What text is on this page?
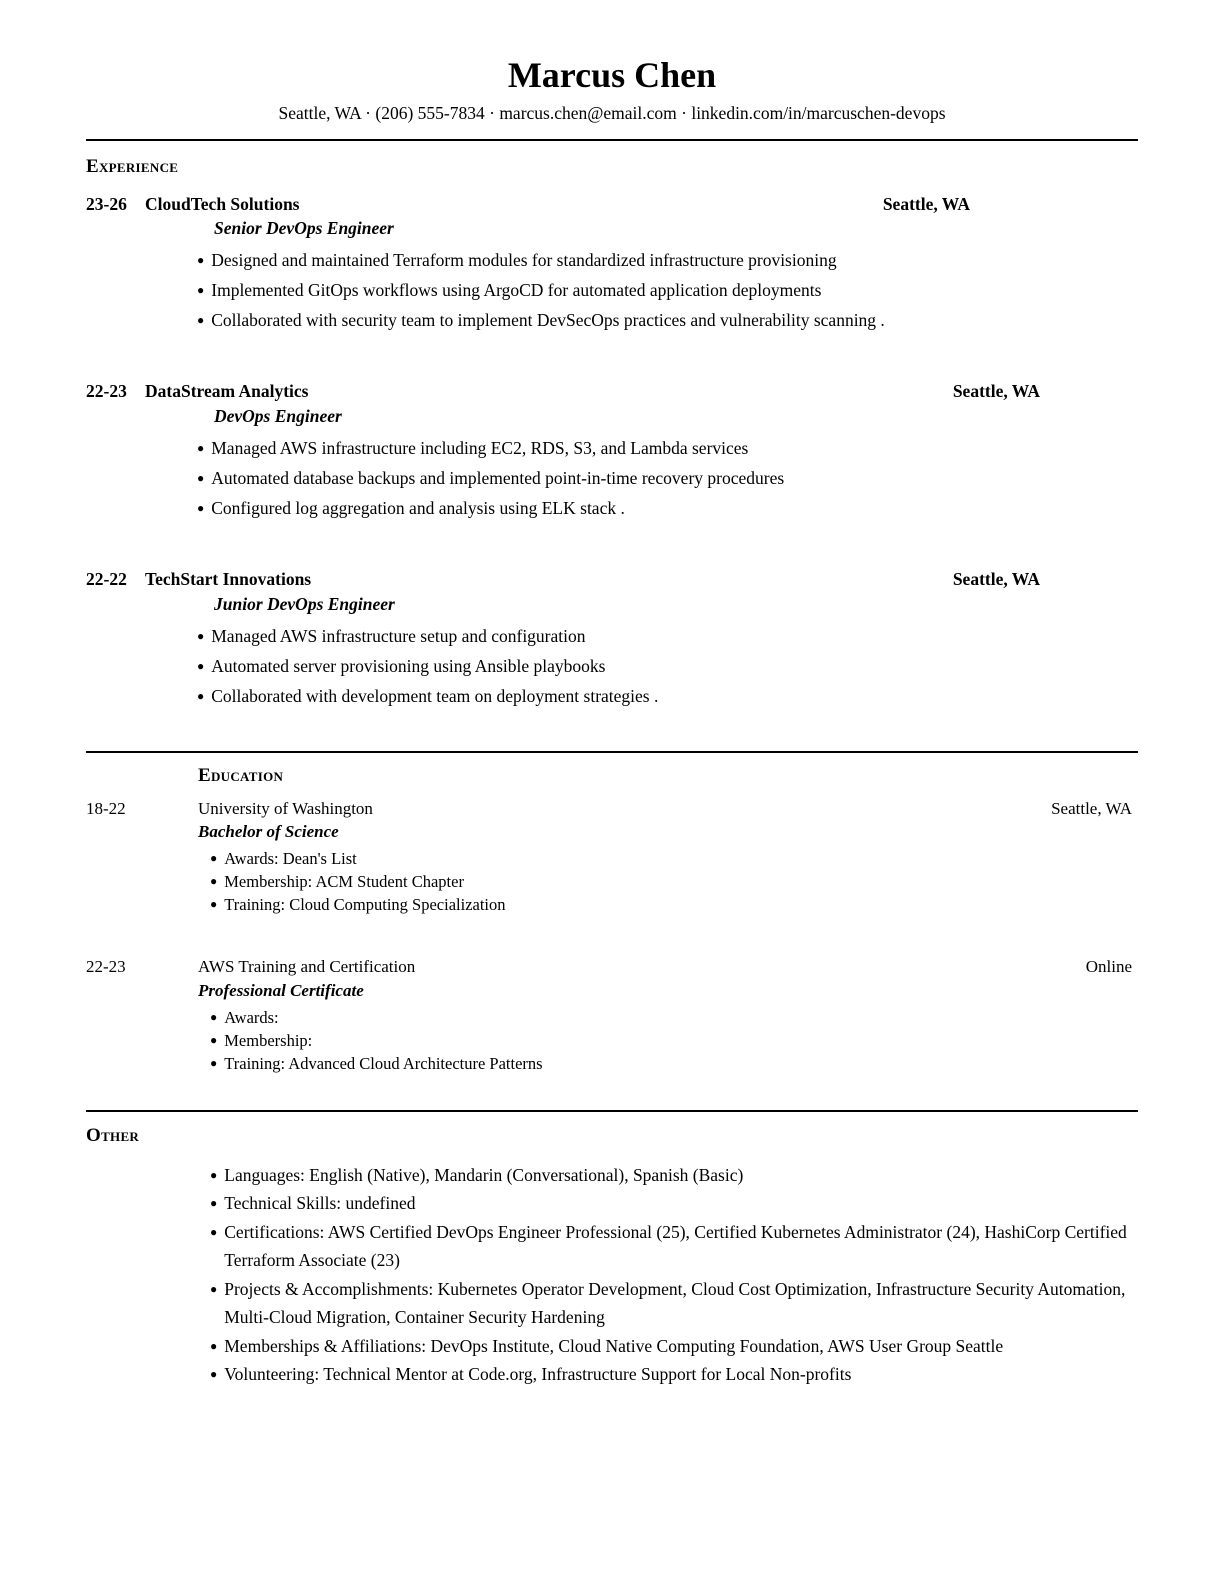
Marcus Chen
Seattle, WA · (206) 555-7834 · marcus.chen@email.com · linkedin.com/in/marcuschen-devops
Experience
23-26	CloudTech Solutions	Seattle, WA
Senior DevOps Engineer
● Designed and maintained Terraform modules for standardized infrastructure provisioning
● Implemented GitOps workflows using ArgoCD for automated application deployments
● Collaborated with security team to implement DevSecOps practices and vulnerability scanning .
22-23	DataStream Analytics	Seattle, WA
DevOps Engineer
● Managed AWS infrastructure including EC2, RDS, S3, and Lambda services
● Automated database backups and implemented point-in-time recovery procedures
● Configured log aggregation and analysis using ELK stack .
22-22	TechStart Innovations	Seattle, WA
Junior DevOps Engineer
● Managed AWS infrastructure setup and configuration
● Automated server provisioning using Ansible playbooks
● Collaborated with development team on deployment strategies .
Education
18-22	University of Washington	Seattle, WA
Bachelor of Science
● Awards: Dean's List
● Membership: ACM Student Chapter
● Training: Cloud Computing Specialization
22-23	AWS Training and Certification	Online
Professional Certificate
● Awards:
● Membership:
● Training: Advanced Cloud Architecture Patterns
Other
● Languages: English (Native), Mandarin (Conversational), Spanish (Basic)
● Technical Skills: undefined
● Certifications: AWS Certified DevOps Engineer Professional (25), Certified Kubernetes Administrator (24), HashiCorp Certified Terraform Associate (23)
● Projects & Accomplishments: Kubernetes Operator Development, Cloud Cost Optimization, Infrastructure Security Automation, Multi-Cloud Migration, Container Security Hardening
● Memberships & Affiliations: DevOps Institute, Cloud Native Computing Foundation, AWS User Group Seattle
● Volunteering: Technical Mentor at Code.org, Infrastructure Support for Local Non-profits
